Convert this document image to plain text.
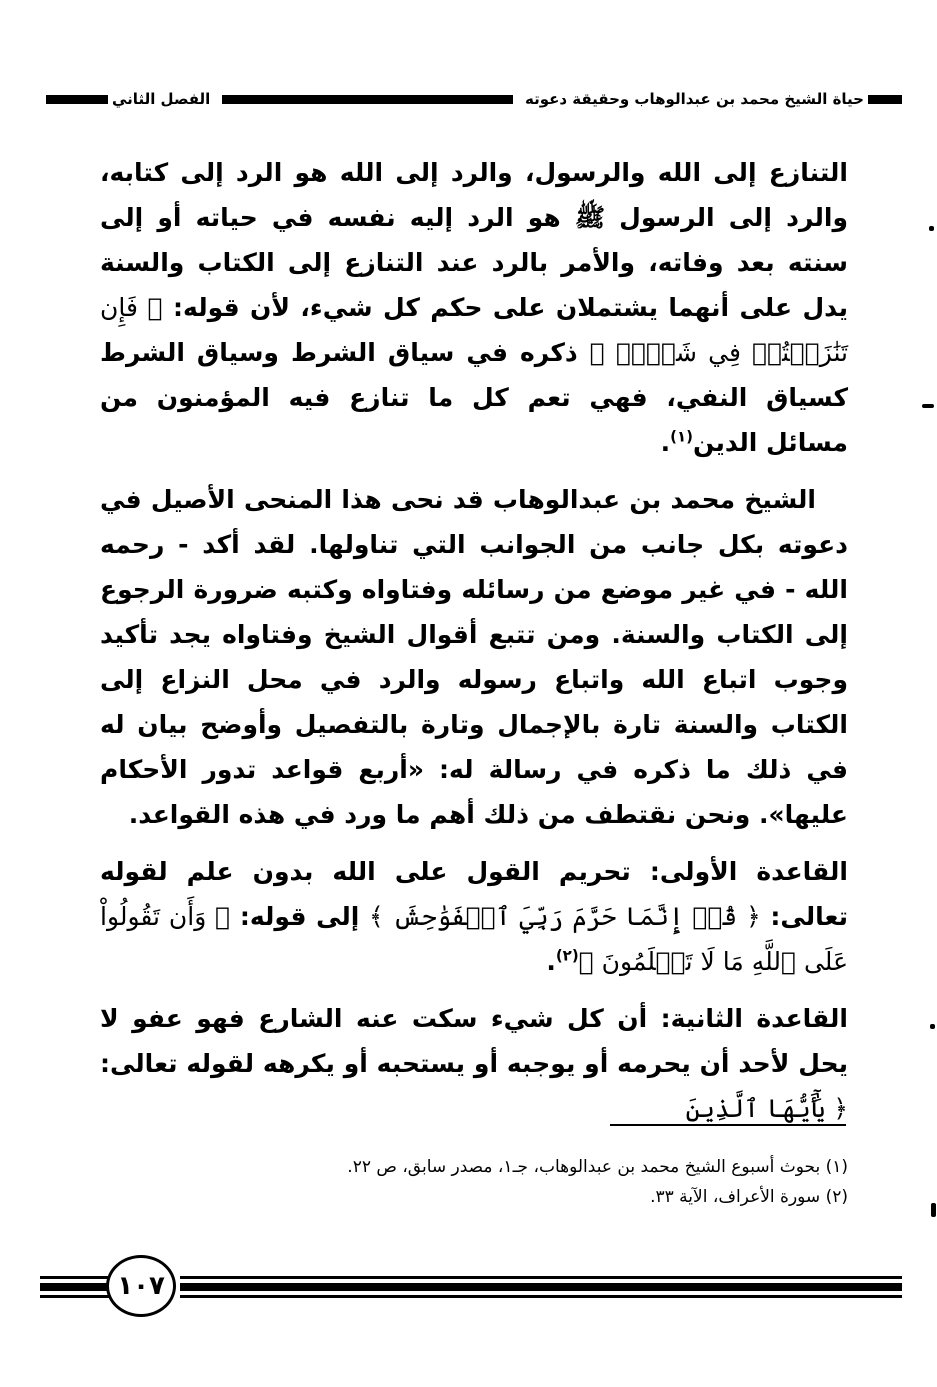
حياة الشيخ محمد بن عبدالوهاب وحقيقة دعوته
الفصل الثاني

التنازع إلى الله والرسول، والرد إلى الله هو الرد إلى كتابه، والرد إلى الرسول ﷺ هو الرد إليه نفسه في حياته أو إلى سنته بعد وفاته، والأمر بالرد عند التنازع إلى الكتاب والسنة يدل على أنهما يشتملان على حكم كل شيء، لأن قوله: ﴿ فَإِن تَنَٰزَعۡتُمۡ فِي شَيۡءٖ ﴾ ذكره في سياق الشرط وسياق الشرط كسياق النفي، فهي تعم كل ما تنازع فيه المؤمنون من مسائل الدين$^{(١)}$.

الشيخ محمد بن عبدالوهاب قد نحى هذا المنحى الأصيل في دعوته بكل جانب من الجوانب التي تناولها. لقد أكد - رحمه الله - في غير موضع من رسائله وفتاواه وكتبه ضرورة الرجوع إلى الكتاب والسنة. ومن تتبع أقوال الشيخ وفتاواه يجد تأكيد وجوب اتباع الله واتباع رسوله والرد في محل النزاع إلى الكتاب والسنة تارة بالإجمال وتارة بالتفصيل وأوضح بيان له في ذلك ما ذكره في رسالة له: «أربع قواعد تدور الأحكام عليها». ونحن نقتطف من ذلك أهم ما ورد في هذه القواعد.

القاعدة الأولى: تحريم القول على الله بدون علم لقوله تعالى: ﴿ قُلۡ إِنَّمَا حَرَّمَ رَبِّيَ ٱلۡفَوَٰحِشَ ﴾ إلى قوله: ﴿ وَأَن تَقُولُواْ عَلَى ٱللَّهِ مَا لَا تَعۡلَمُونَ ﴾$^{(٢)}$.

القاعدة الثانية: أن كل شيء سكت عنه الشارع فهو عفو لا يحل لأحد أن يحرمه أو يوجبه أو يستحبه أو يكرهه لقوله تعالى: ﴿ يَٰٓأَيُّهَا ٱلَّذِينَ

(١) بحوث أسبوع الشيخ محمد بن عبدالوهاب، جـ١، مصدر سابق، ص ٢٢.
(٢) سورة الأعراف، الآية ٣٣.
١٠٧
